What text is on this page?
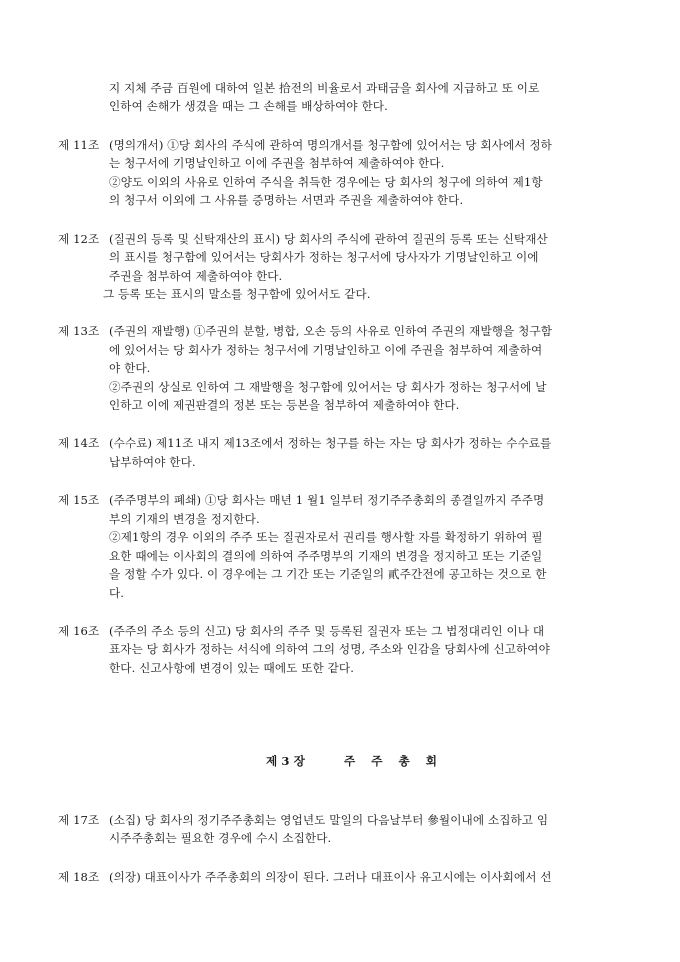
지 지체 주금 百원에 대하여 일본 拾전의 비율로서 과태금을 회사에 지급하고 또 이로
인하여 손해가 생겼을 때는 그 손해를 배상하여야 한다.
제 11조 (명의개서) ①당 회사의 주식에 관하여 명의개서를 청구함에 있어서는 당 회사에서 정하
는 청구서에 기명날인하고 이에 주권을 첨부하여 제출하여야 한다.
②양도 이외의 사유로 인하여 주식을 취득한 경우에는 당 회사의 청구에 의하여 제1항
의 청구서 이외에 그 사유를 증명하는 서면과 주권을 제출하여야 한다.
제 12조 (질권의 등록 및 신탁재산의 표시) 당 회사의 주식에 관하여 질권의 등록 또는 신탁재산
의 표시를 청구함에 있어서는 당회사가 정하는 청구서에 당사자가 기명날인하고 이에
주권을 첨부하여 제출하여야 한다.
그 등록 또는 표시의 말소를 청구함에 있어서도 같다.
제 13조 (주권의 재발행) ①주권의 분할, 병합, 오손 등의 사유로 인하여 주권의 재발행을 청구함
에 있어서는 당 회사가 정하는 청구서에 기명날인하고 이에 주권을 첨부하여 제출하여
야 한다.
②주권의 상실로 인하여 그 재발행을 청구함에 있어서는 당 회사가 정하는 청구서에 날
인하고 이에 제권판결의 정본 또는 등본을 첨부하여 제출하여야 한다.
제 14조 (수수료) 제11조 내지 제13조에서 정하는 청구를 하는 자는 당 회사가 정하는 수수료를
납부하여야 한다.
제 15조 (주주명부의 폐쇄) ①당 회사는 매년 1 월1 일부터 정기주주총회의 종결일까지 주주명
부의 기재의 변경을 정지한다.
②제1항의 경우 이외의 주주 또는 질권자로서 권리를 행사할 자를 확정하기 위하여 필
요한 때에는 이사회의 결의에 의하여 주주명부의 기재의 변경을 정지하고 또는 기준일
을 정할 수가 있다. 이 경우에는 그 기간 또는 기준일의 貳주간전에 공고하는 것으로 한
다.
제 16조 (주주의 주소 등의 신고) 당 회사의 주주 및 등록된 질권자 또는 그 법정대리인 이나 대
표자는 당 회사가 정하는 서식에 의하여 그의 성명, 주소와 인감을 당회사에 신고하여야
한다. 신고사항에 변경이 있는 때에도 또한 같다.
제 3 장	주 주 총 회
제 17조 (소집) 당 회사의 정기주주총회는 영업년도 말일의 다음날부터 參월이내에 소집하고 임
시주주총회는 필요한 경우에 수시 소집한다.
제 18조 (의장) 대표이사가 주주총회의 의장이 된다. 그러나 대표이사 유고시에는 이사회에서 선
